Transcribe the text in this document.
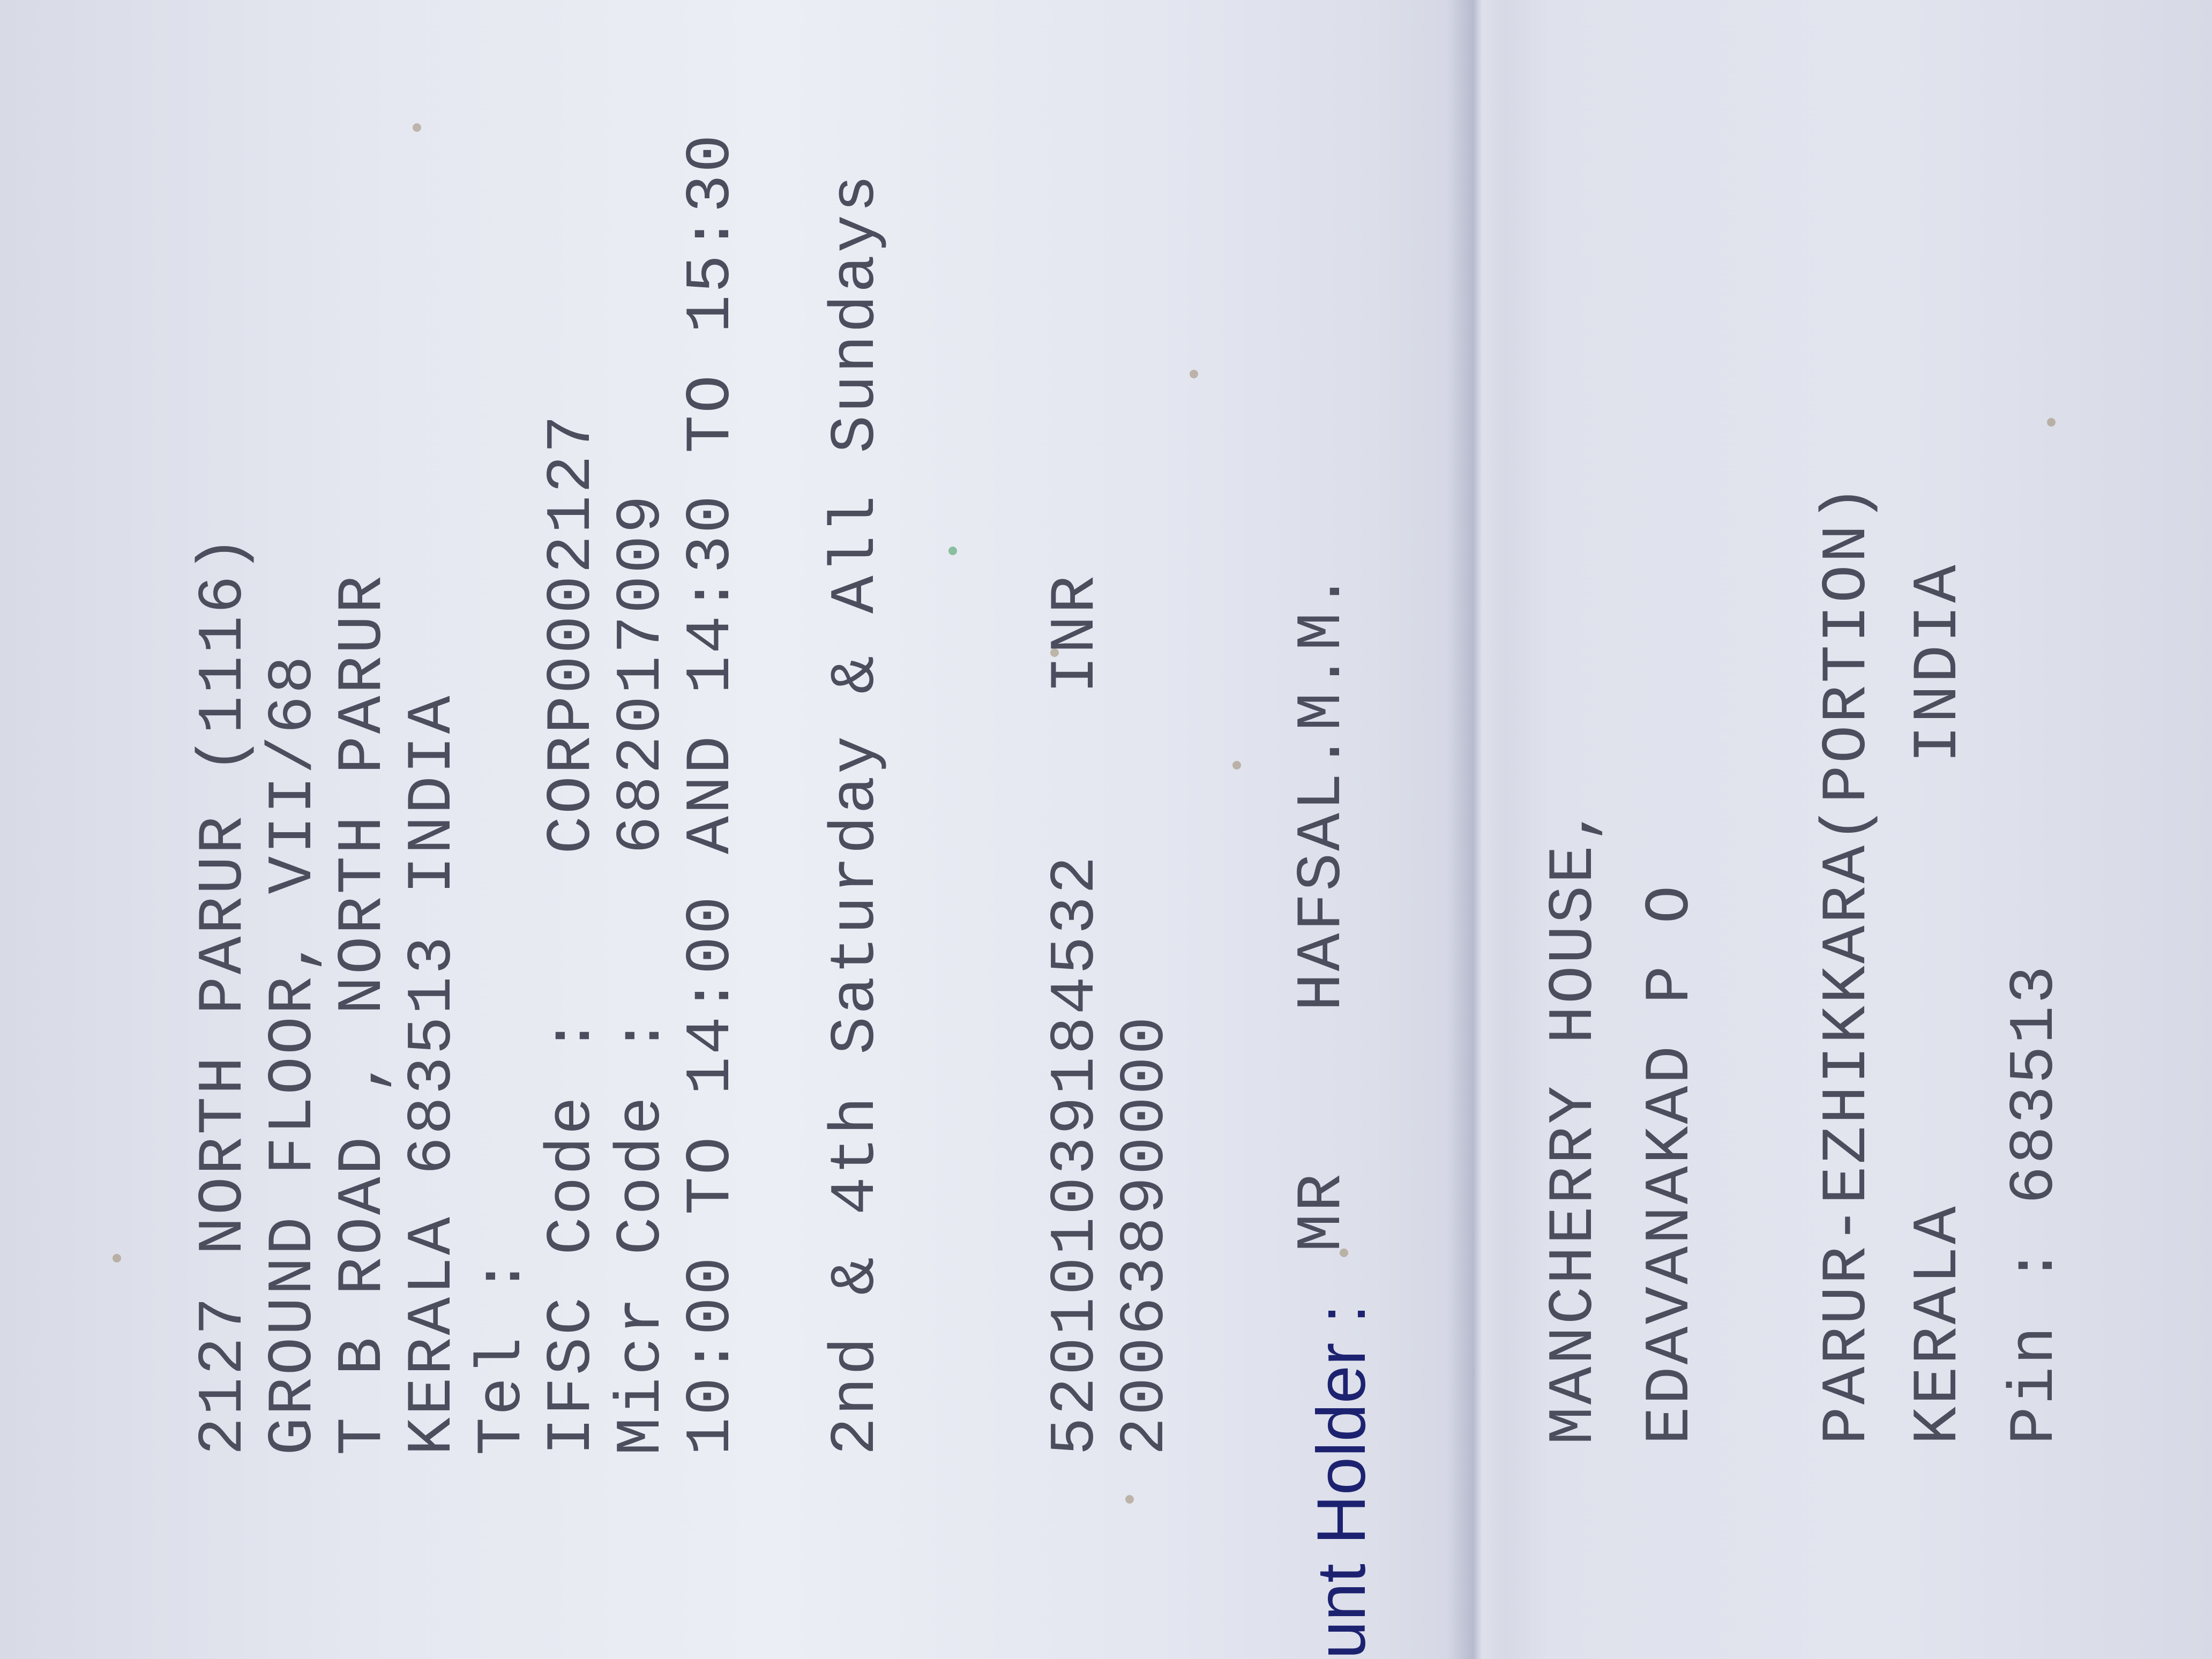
2127 NORTH PARUR (1116)
GROUND FLOOR, VII/68
T B ROAD , NORTH PARUR
KERALA 683513 INDIA
Tel :
IFSC Code :    CORP0002127
Micr Code :    682017009
10:00 TO 14:00 AND 14:30 TO 15:30 2nd & 4th Saturday & All Sundays 520101039184532    INR
20063890000
unt Holder :
MR    HAFSAL.M.M.	MANCHERRY HOUSE, EDAVANAKAD P O PARUR-EZHIKKARA(PORTION) KERALA           INDIA Pin : 683513
